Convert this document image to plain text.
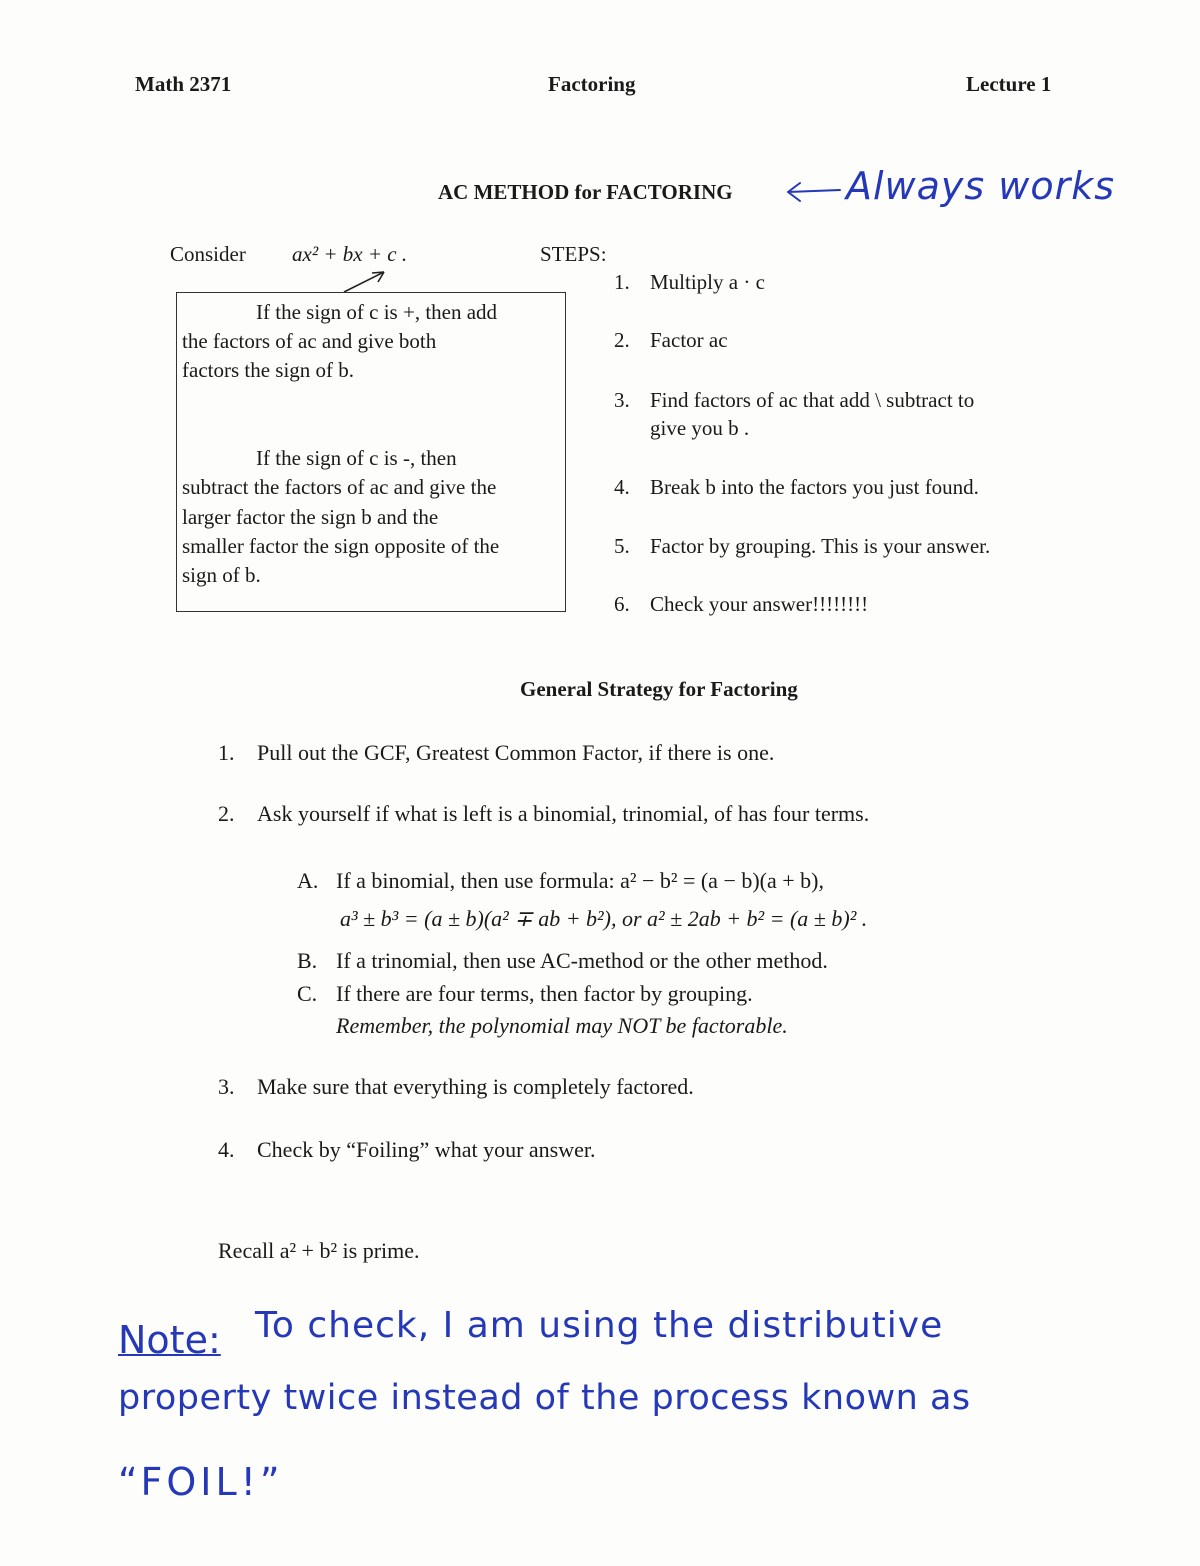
Math 2371	Factoring	Lecture 1
AC METHOD for FACTORING	Always works
Consider ax² + bx + c .	STEPS:
If the sign of c is +, then add
the factors of ac and give both
factors the sign of b.
If the sign of c is -, then
subtract the factors of ac and give the
larger factor the sign b and the
smaller factor the sign opposite of the
sign of b.
1. Multiply a · c
2. Factor ac
3. Find factors of ac that add \ subtract to
give you b .
4. Break b into the factors you just found.
5. Factor by grouping. This is your answer.
6. Check your answer!!!!!!!!
General Strategy for Factoring
1. Pull out the GCF, Greatest Common Factor, if there is one.
2. Ask yourself if what is left is a binomial, trinomial, of has four terms.
A. If a binomial, then use formula: a² − b² = (a − b)(a + b),
a³ ± b³ = (a ± b)(a² ∓ ab + b²), or a² ± 2ab + b² = (a ± b)² .
B. If a trinomial, then use AC-method or the other method.
C. If there are four terms, then factor by grouping.
Remember, the polynomial may NOT be factorable.
3. Make sure that everything is completely factored.
4. Check by “Foiling” what your answer.
Recall a² + b² is prime.
Note: To check, I am using the distributive
property twice instead of the process known as
“FOIL!”
